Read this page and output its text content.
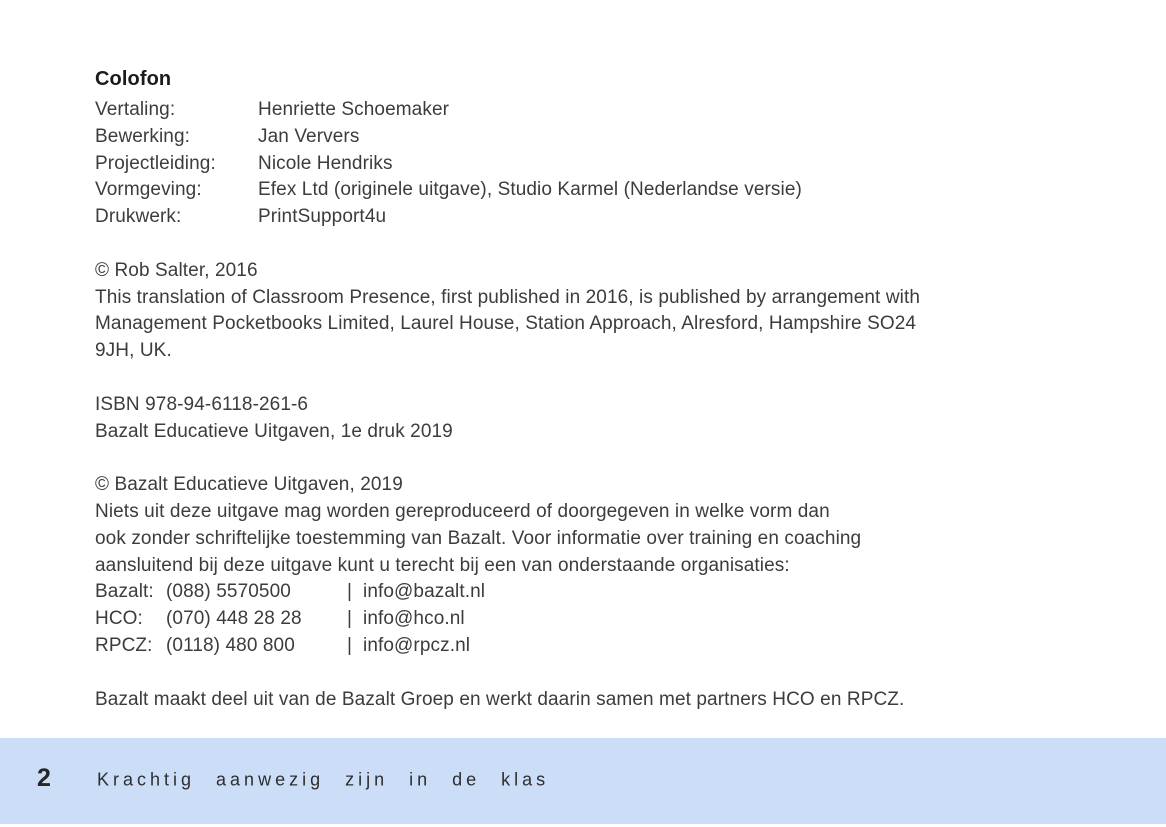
Colofon
Vertaling:	Henriette Schoemaker
Bewerking:	Jan Ververs
Projectleiding:	Nicole Hendriks
Vormgeving:	Efex Ltd (originele uitgave), Studio Karmel (Nederlandse versie)
Drukwerk:	PrintSupport4u
© Rob Salter, 2016
This translation of Classroom Presence, first published in 2016, is published by arrangement with
Management Pocketbooks Limited, Laurel House, Station Approach, Alresford, Hampshire SO24
9JH, UK.
ISBN 978-94-6118-261-6
Bazalt Educatieve Uitgaven, 1e druk 2019
© Bazalt Educatieve Uitgaven, 2019
Niets uit deze uitgave mag worden gereproduceerd of doorgegeven in welke vorm dan
ook zonder schriftelijke toestemming van Bazalt. Voor informatie over training en coaching
aansluitend bij deze uitgave kunt u terecht bij een van onderstaande organisaties:
Bazalt: (088) 5570500	| info@bazalt.nl
HCO:	(070) 448 28 28	| info@hco.nl
RPCZ: (0118) 480 800	| info@rpcz.nl
Bazalt maakt deel uit van de Bazalt Groep en werkt daarin samen met partners HCO en RPCZ.
2	Krachtig aanwezig zijn in de klas
